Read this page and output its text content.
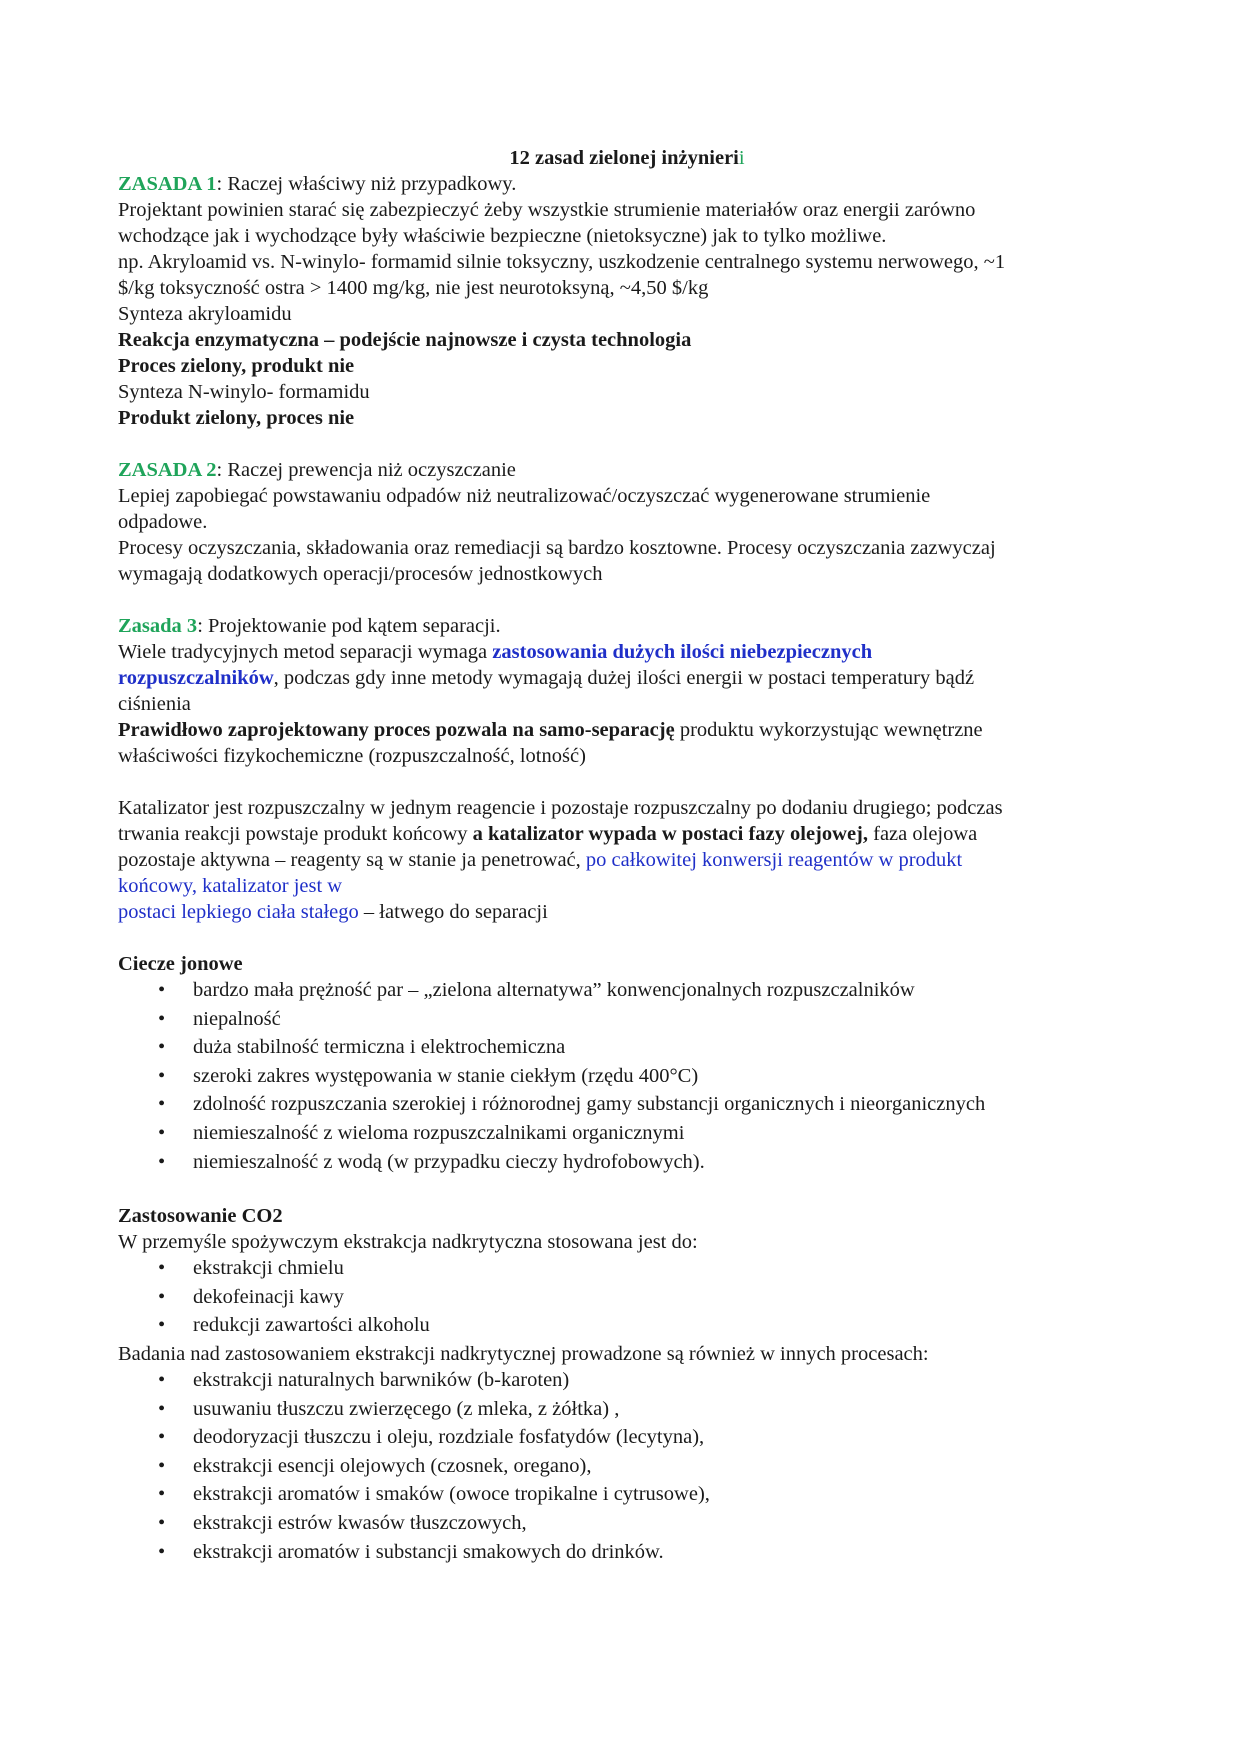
12 zasad zielonej inżynierii
ZASADA 1: Raczej właściwy niż przypadkowy.
Projektant powinien starać się zabezpieczyć żeby wszystkie strumienie materiałów oraz energii zarówno
wchodzące jak i wychodzące były właściwie bezpieczne (nietoksyczne) jak to tylko możliwe.
np. Akryloamid vs. N-winylo- formamid silnie toksyczny, uszkodzenie centralnego systemu nerwowego, ~1
$/kg toksyczność ostra > 1400 mg/kg, nie jest neurotoksyną, ~4,50 $/kg
Synteza akryloamidu
Reakcja enzymatyczna – podejście najnowsze i czysta technologia
Proces zielony, produkt nie
Synteza N-winylo- formamidu
Produkt zielony, proces nie
ZASADA 2: Raczej prewencja niż oczyszczanie
Lepiej zapobiegać powstawaniu odpadów niż neutralizować/oczyszczać wygenerowane strumienie
odpadowe.
Procesy oczyszczania, składowania oraz remediacji są bardzo kosztowne. Procesy oczyszczania zazwyczaj
wymagają dodatkowych operacji/procesów jednostkowych
Zasada 3: Projektowanie pod kątem separacji.
Wiele tradycyjnych metod separacji wymaga zastosowania dużych ilości niebezpiecznych
rozpuszczalników, podczas gdy inne metody wymagają dużej ilości energii w postaci temperatury bądź
ciśnienia
Prawidłowo zaprojektowany proces pozwala na samo-separację produktu wykorzystując wewnętrzne
właściwości fizykochemiczne (rozpuszczalność, lotność)
Katalizator jest rozpuszczalny w jednym reagencie i pozostaje rozpuszczalny po dodaniu drugiego; podczas
trwania reakcji powstaje produkt końcowy a katalizator wypada w postaci fazy olejowej, faza olejowa
pozostaje aktywna – reagenty są w stanie ja penetrować, po całkowitej konwersji reagentów w produkt
końcowy, katalizator jest w
postaci lepkiego ciała stałego – łatwego do separacji
Ciecze jonowe
• bardzo mała prężność par – „zielona alternatywa” konwencjonalnych rozpuszczalników
• niepalność
• duża stabilność termiczna i elektrochemiczna
• szeroki zakres występowania w stanie ciekłym (rzędu 400°C)
• zdolność rozpuszczania szerokiej i różnorodnej gamy substancji organicznych i nieorganicznych
• niemieszalność z wieloma rozpuszczalnikami organicznymi
• niemieszalność z wodą (w przypadku cieczy hydrofobowych).
Zastosowanie CO2
W przemyśle spożywczym ekstrakcja nadkrytyczna stosowana jest do:
• ekstrakcji chmielu
• dekofeinacji kawy
• redukcji zawartości alkoholu
Badania nad zastosowaniem ekstrakcji nadkrytycznej prowadzone są również w innych procesach:
• ekstrakcji naturalnych barwników (b-karoten)
• usuwaniu tłuszczu zwierzęcego (z mleka, z żółtka) ,
• deodoryzacji tłuszczu i oleju, rozdziale fosfatydów (lecytyna),
• ekstrakcji esencji olejowych (czosnek, oregano),
• ekstrakcji aromatów i smaków (owoce tropikalne i cytrusowe),
• ekstrakcji estrów kwasów tłuszczowych,
• ekstrakcji aromatów i substancji smakowych do drinków.
